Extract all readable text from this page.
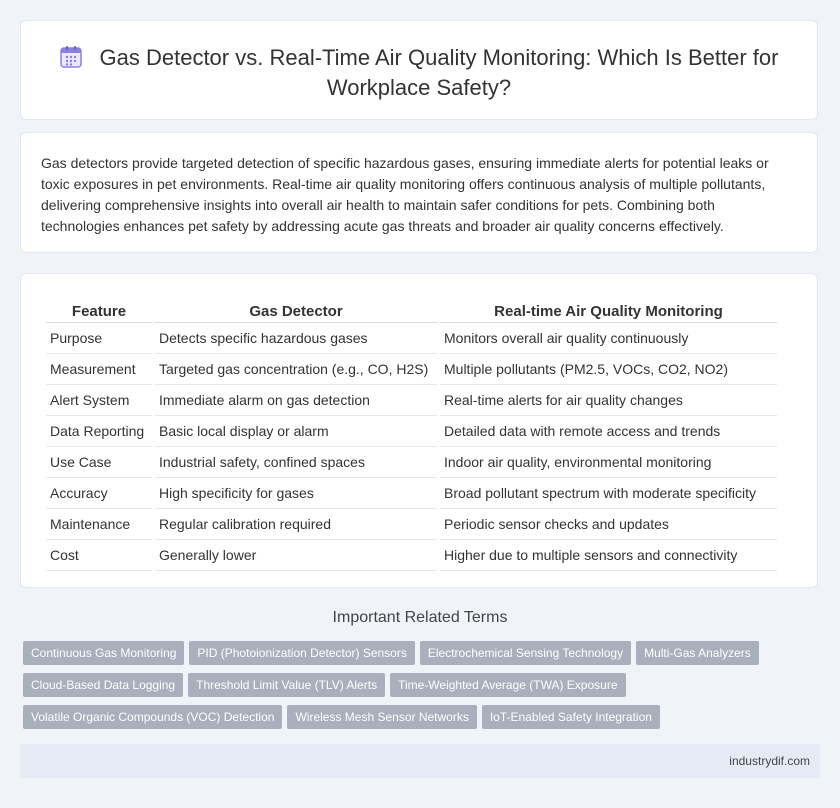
Gas Detector vs. Real-Time Air Quality Monitoring: Which Is Better for Workplace Safety?
Gas detectors provide targeted detection of specific hazardous gases, ensuring immediate alerts for potential leaks or toxic exposures in pet environments. Real-time air quality monitoring offers continuous analysis of multiple pollutants, delivering comprehensive insights into overall air health to maintain safer conditions for pets. Combining both technologies enhances pet safety by addressing acute gas threats and broader air quality concerns effectively.
Feature	Gas Detector	Real-time Air Quality Monitoring
Purpose	Detects specific hazardous gases	Monitors overall air quality continuously
Measurement	Targeted gas concentration (e.g., CO, H2S)	Multiple pollutants (PM2.5, VOCs, CO2, NO2)
Alert System	Immediate alarm on gas detection	Real-time alerts for air quality changes
Data Reporting	Basic local display or alarm	Detailed data with remote access and trends
Use Case	Industrial safety, confined spaces	Indoor air quality, environmental monitoring
Accuracy	High specificity for gases	Broad pollutant spectrum with moderate specificity
Maintenance	Regular calibration required	Periodic sensor checks and updates
Cost	Generally lower	Higher due to multiple sensors and connectivity
Important Related Terms
Continuous Gas Monitoring PID (Photoionization Detector) Sensors Electrochemical Sensing Technology Multi-Gas Analyzers
Cloud-Based Data Logging Threshold Limit Value (TLV) Alerts Time-Weighted Average (TWA) Exposure
Volatile Organic Compounds (VOC) Detection Wireless Mesh Sensor Networks IoT-Enabled Safety Integration
industrydif.com
